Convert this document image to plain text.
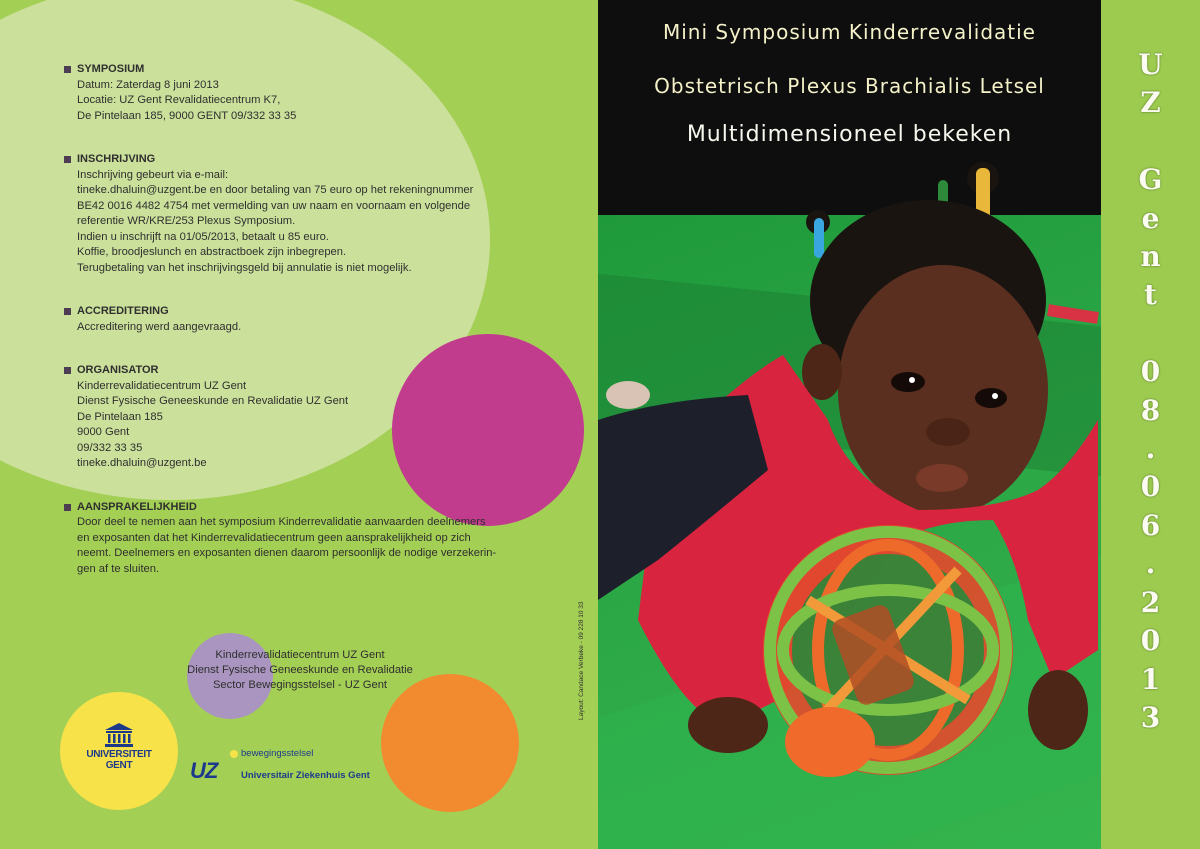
SYMPOSIUM
Datum: Zaterdag 8 juni 2013
Locatie: UZ Gent Revalidatiecentrum K7,
De Pintelaan 185, 9000 GENT 09/332 33 35
INSCHRIJVING
Inschrijving gebeurt via e-mail:
tineke.dhaluin@uzgent.be en door betaling van 75 euro op het rekeningnummer
BE42 0016 4482 4754 met vermelding van uw naam en voornaam en volgende
referentie WR/KRE/253 Plexus Symposium.
Indien u inschrijft na 01/05/2013, betaalt u 85 euro.
Koffie, broodjeslunch en abstractboek zijn inbegrepen.
Terugbetaling van het inschrijvingsgeld bij annulatie is niet mogelijk.
ACCREDITERING
Accreditering werd aangevraagd.
ORGANISATOR
Kinderrevalidatiecentrum UZ Gent
Dienst Fysische Geneeskunde en Revalidatie UZ Gent
De Pintelaan 185
9000 Gent
09/332 33 35
tineke.dhaluin@uzgent.be
AANSPRAKELIJKHEID
Door deel te nemen aan het symposium Kinderrevalidatie aanvaarden deelnemers
en exposanten dat het Kinderrevalidatiecentrum geen aansprakelijkheid op zich
neemt. Deelnemers en exposanten dienen daarom persoonlijk de nodige verzekerin-
gen af te sluiten.
Kinderrevalidatiecentrum UZ Gent
Dienst Fysische Geneeskunde en Revalidatie
Sector Bewegingsstelsel - UZ Gent
UNIVERSITEIT
GENT	UZ
bewegingsstelsel
Universitair Ziekenhuis Gent
Layout: Candace Verbeke - 09 228 10 33
Mini Symposium Kinderrevalidatie
Obstetrisch Plexus Brachialis Letsel
Multidimensioneel bekeken
U
Z

G
e
n
t

0
8
.
0
6
.
2
0
1
3
